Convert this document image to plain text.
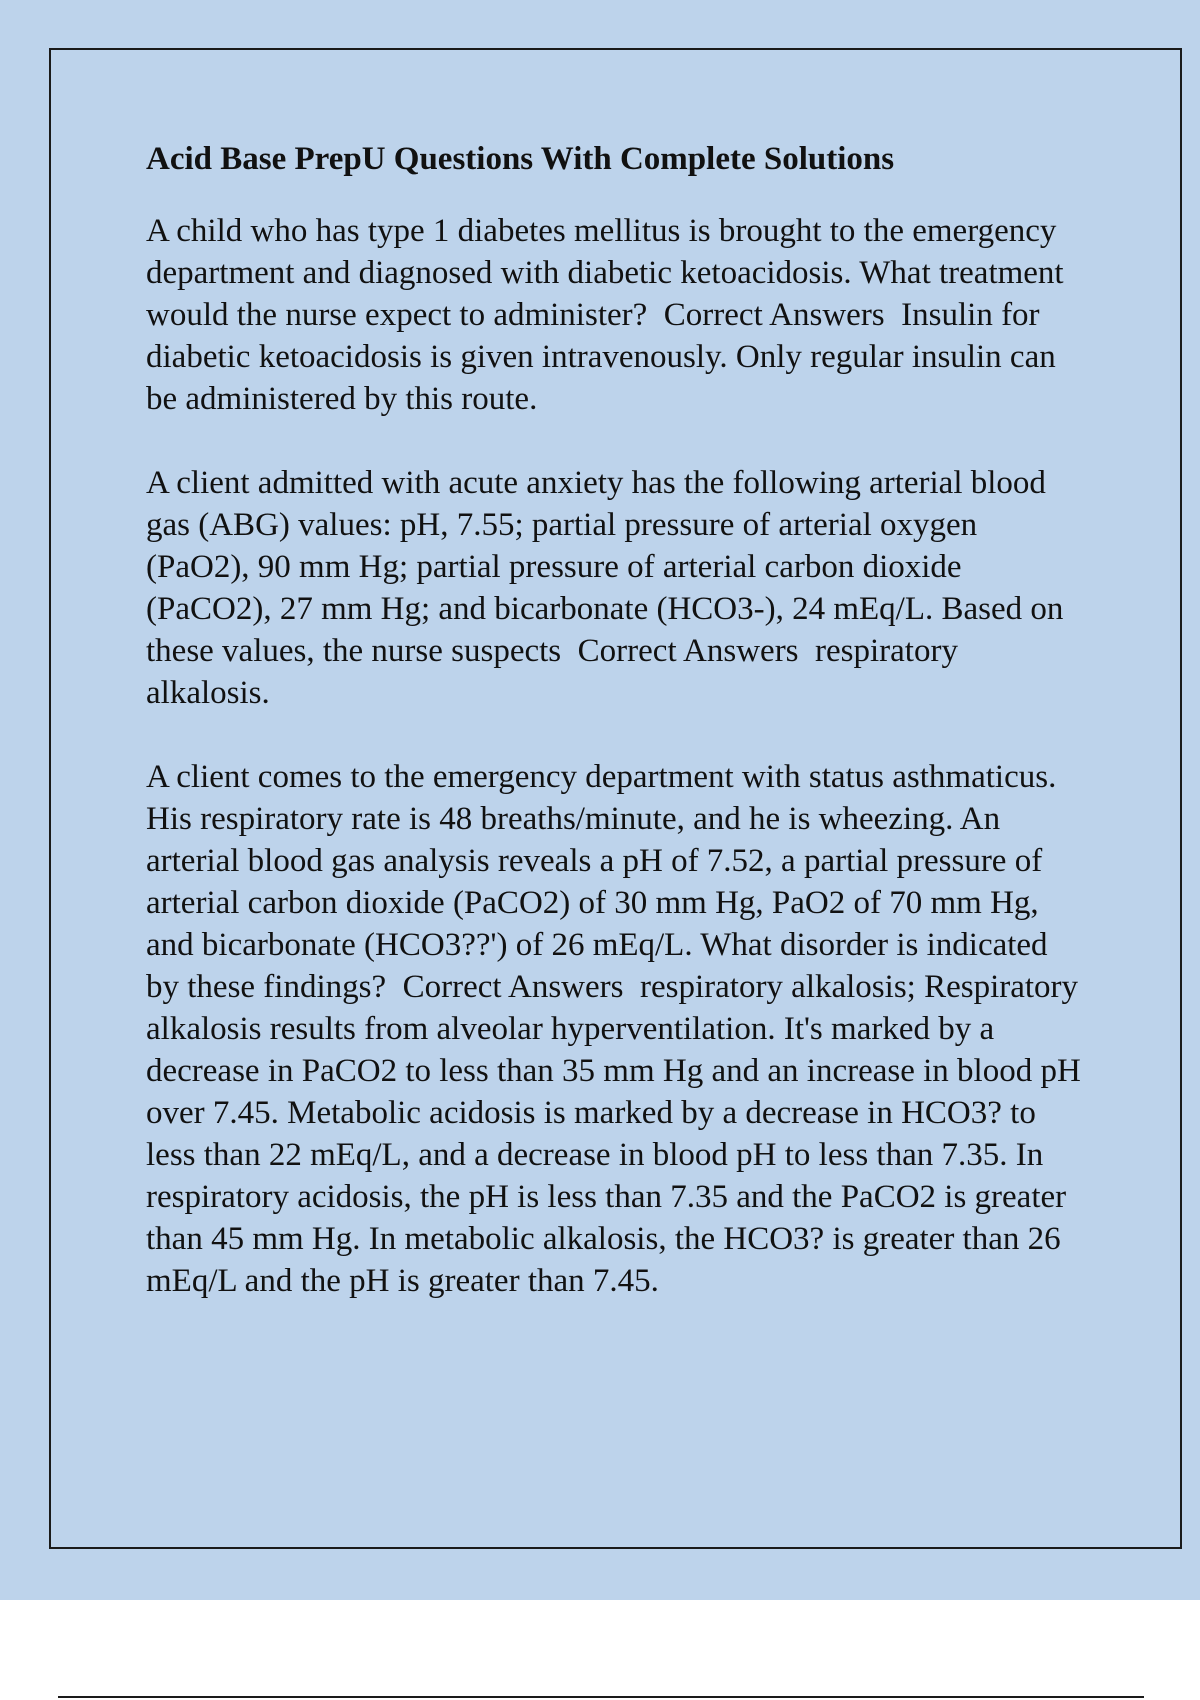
Acid Base PrepU Questions With Complete Solutions
A child who has type 1 diabetes mellitus is brought to the emergency department and diagnosed with diabetic ketoacidosis. What treatment would the nurse expect to administer?  Correct Answers  Insulin for diabetic ketoacidosis is given intravenously. Only regular insulin can be administered by this route.
A client admitted with acute anxiety has the following arterial blood gas (ABG) values: pH, 7.55; partial pressure of arterial oxygen (PaO2), 90 mm Hg; partial pressure of arterial carbon dioxide (PaCO2), 27 mm Hg; and bicarbonate (HCO3-), 24 mEq/L. Based on these values, the nurse suspects  Correct Answers  respiratory alkalosis.
A client comes to the emergency department with status asthmaticus. His respiratory rate is 48 breaths/minute, and he is wheezing. An arterial blood gas analysis reveals a pH of 7.52, a partial pressure of arterial carbon dioxide (PaCO2) of 30 mm Hg, PaO2 of 70 mm Hg, and bicarbonate (HCO3??') of 26 mEq/L. What disorder is indicated by these findings?  Correct Answers  respiratory alkalosis; Respiratory alkalosis results from alveolar hyperventilation. It's marked by a decrease in PaCO2 to less than 35 mm Hg and an increase in blood pH over 7.45. Metabolic acidosis is marked by a decrease in HCO3? to less than 22 mEq/L, and a decrease in blood pH to less than 7.35. In respiratory acidosis, the pH is less than 7.35 and the PaCO2 is greater than 45 mm Hg. In metabolic alkalosis, the HCO3? is greater than 26 mEq/L and the pH is greater than 7.45.
